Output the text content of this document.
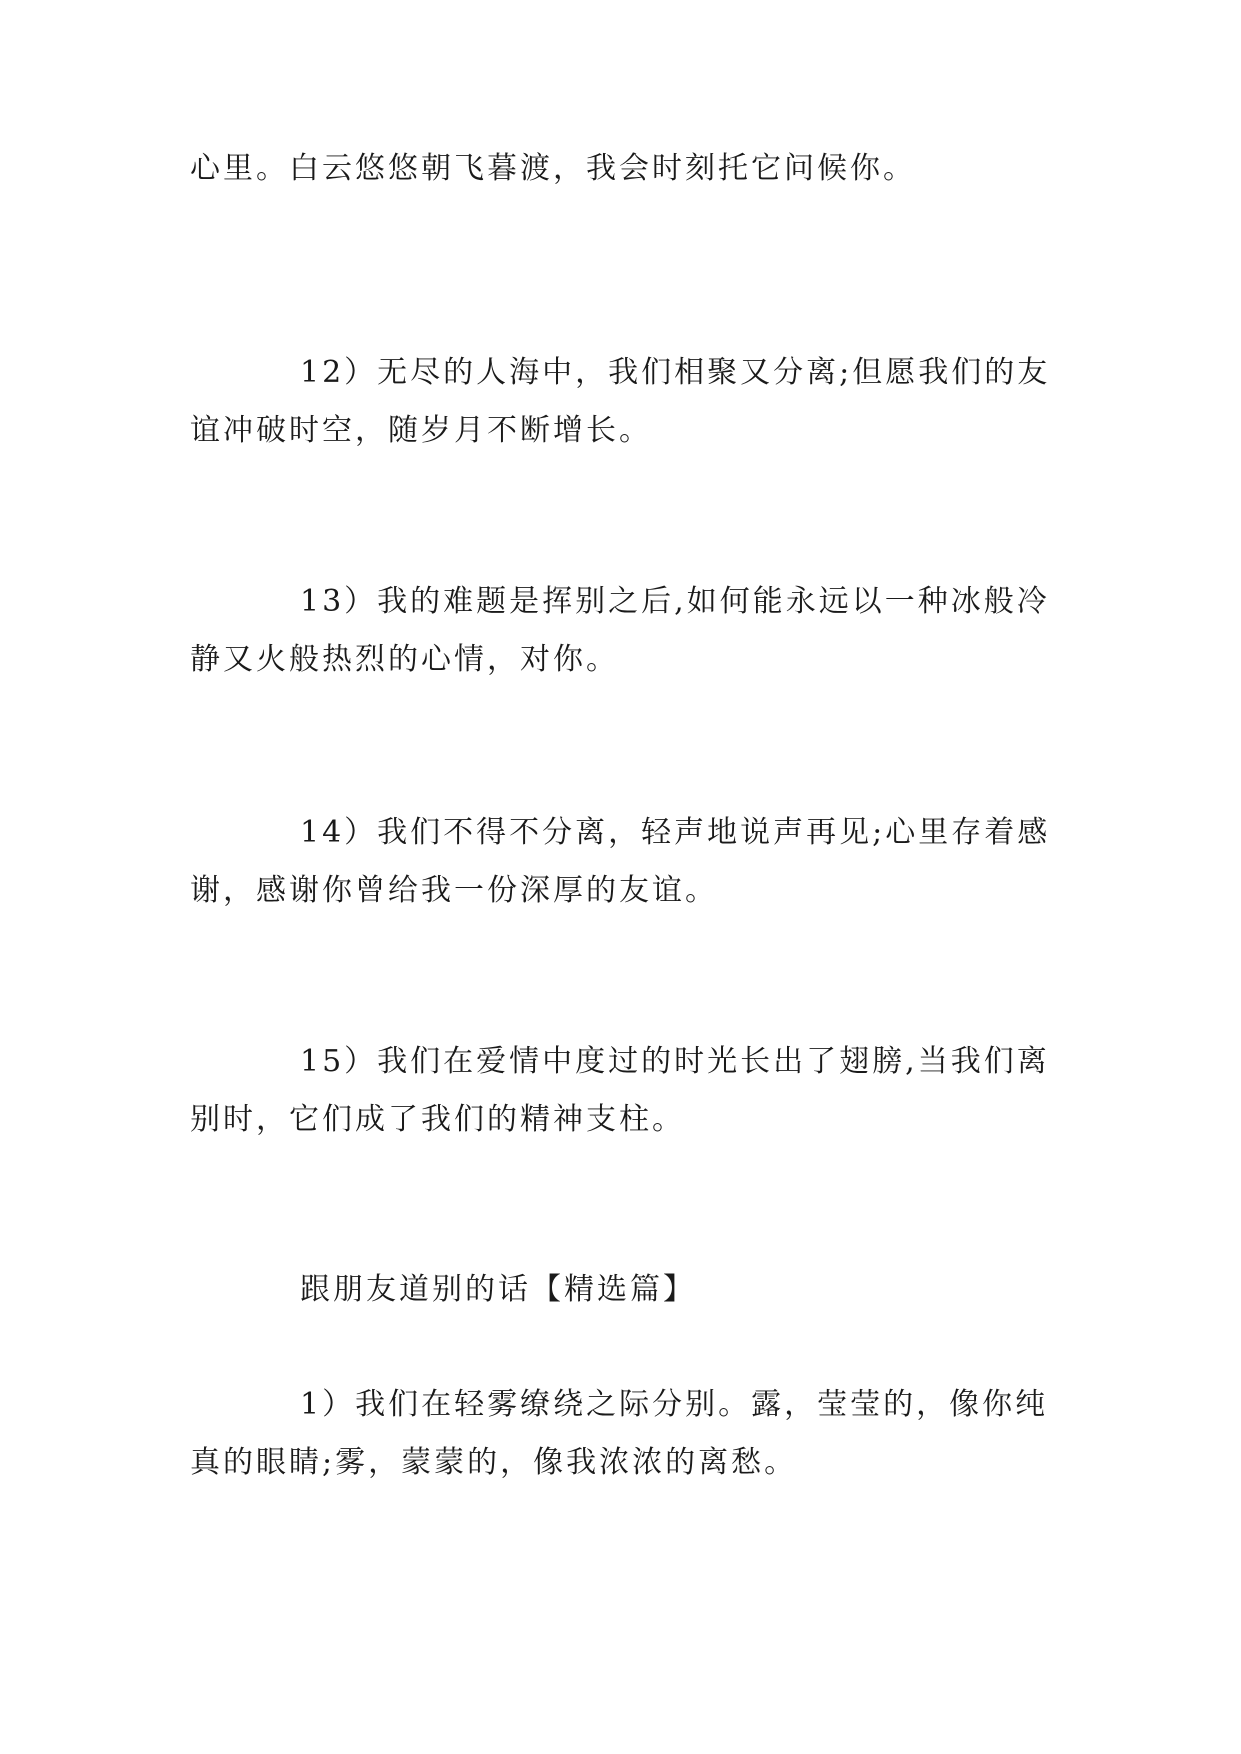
心里。白云悠悠朝飞暮渡，我会时刻托它问候你。
12）无尽的人海中，我们相聚又分离;但愿我们的友
谊冲破时空，随岁月不断增长。
13）我的难题是挥别之后,如何能永远以一种冰般冷
静又火般热烈的心情，对你。
14）我们不得不分离，轻声地说声再见;心里存着感
谢，感谢你曾给我一份深厚的友谊。
15）我们在爱情中度过的时光长出了翅膀,当我们离
别时，它们成了我们的精神支柱。
跟朋友道别的话【精选篇】
1）我们在轻雾缭绕之际分别。露，莹莹的，像你纯
真的眼睛;雾，蒙蒙的，像我浓浓的离愁。
